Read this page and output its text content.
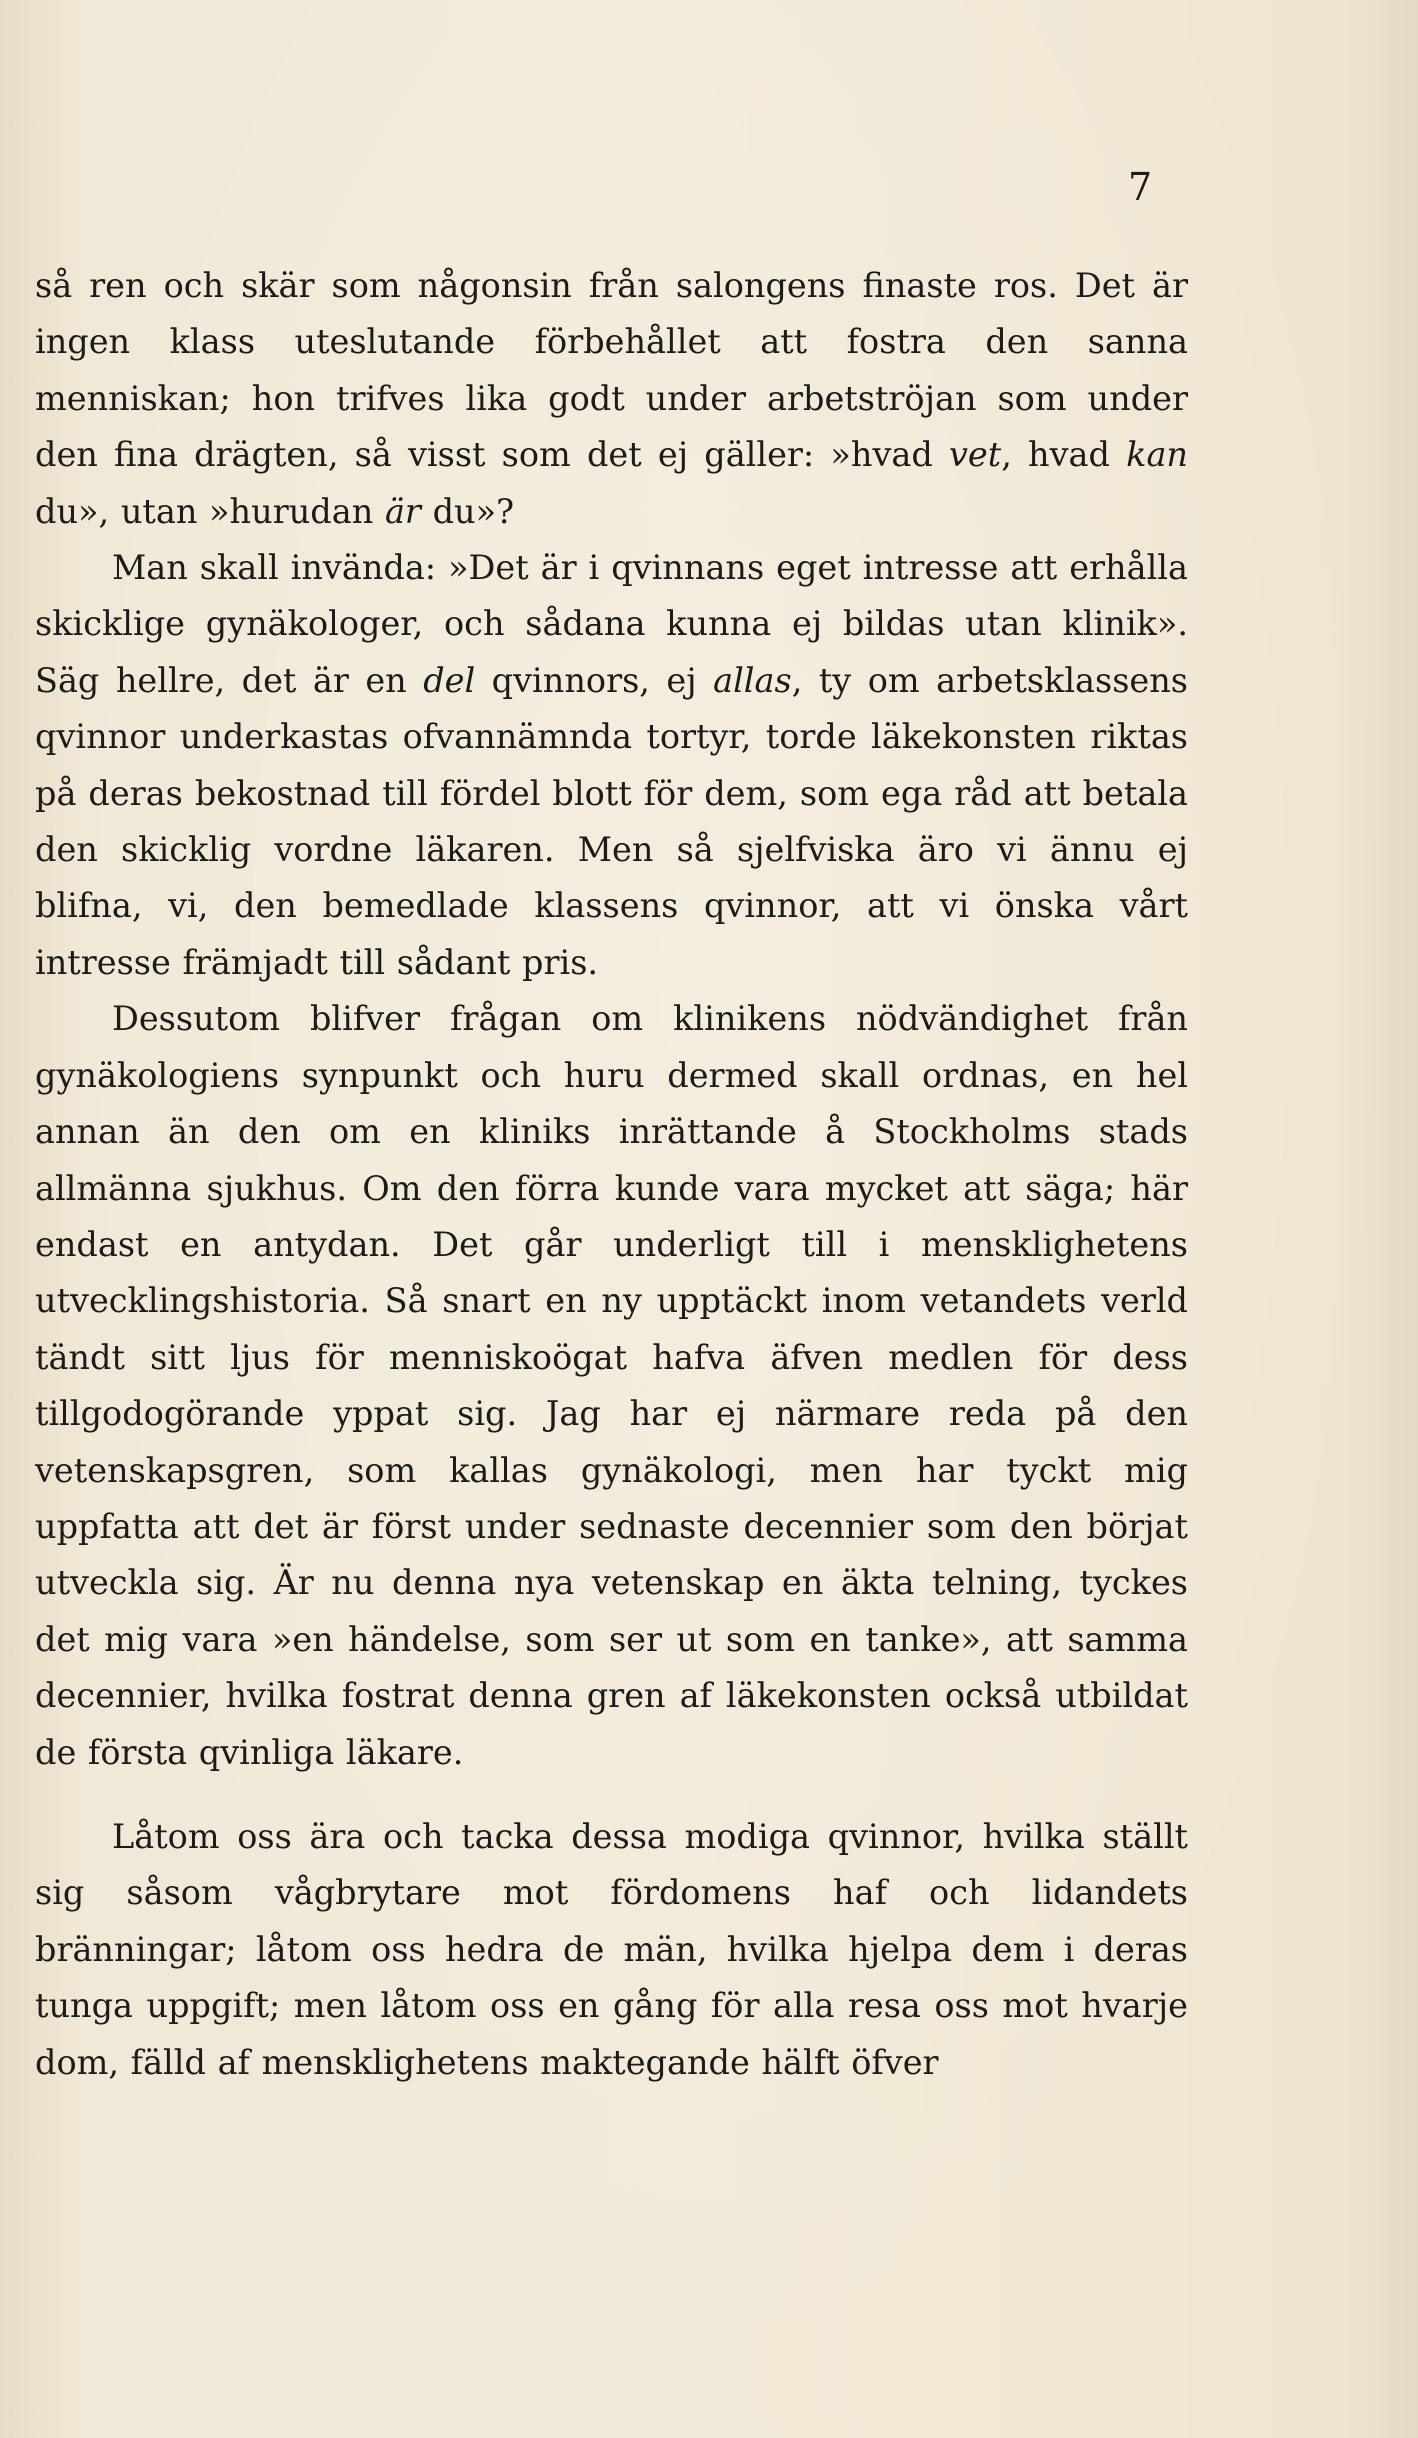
7

så ren och skär som någonsin från salongens finaste ros. Det är ingen klass uteslutande förbehållet att fostra den sanna menniskan; hon trifves lika godt under arbetströjan som under den fina drägten, så visst som det ej gäller: »hvad vet, hvad kan du», utan »hurudan är du»?

Man skall invända: »Det är i qvinnans eget intresse att erhålla skicklige gynäkologer, och sådana kunna ej bildas utan klinik». Säg hellre, det är en del qvinnors, ej allas, ty om arbetsklassens qvinnor underkastas ofvannämnda tortyr, torde läkekonsten riktas på deras bekostnad till fördel blott för dem, som ega råd att betala den skicklig vordne läkaren. Men så sjelfviska äro vi ännu ej blifna, vi, den bemedlade klassens qvinnor, att vi önska vårt intresse främjadt till sådant pris.

Dessutom blifver frågan om klinikens nödvändighet från gynäkologiens synpunkt och huru dermed skall ordnas, en hel annan än den om en kliniks inrättande å Stockholms stads allmänna sjukhus. Om den förra kunde vara mycket att säga; här endast en antydan. Det går underligt till i mensklighetens utvecklingshistoria. Så snart en ny upptäckt inom vetandets verld tändt sitt ljus för menniskoögat hafva äfven medlen för dess tillgodogörande yppat sig. Jag har ej närmare reda på den vetenskapsgren, som kallas gynäkologi, men har tyckt mig uppfatta att det är först under sednaste decennier som den börjat utveckla sig. Är nu denna nya vetenskap en äkta telning, tyckes det mig vara »en händelse, som ser ut som en tanke», att samma decennier, hvilka fostrat denna gren af läkekonsten också utbildat de första qvinliga läkare.

Låtom oss ära och tacka dessa modiga qvinnor, hvilka ställt sig såsom vågbrytare mot fördomens haf och lidandets bränningar; låtom oss hedra de män, hvilka hjelpa dem i deras tunga uppgift; men låtom oss en gång för alla resa oss mot hvarje dom, fälld af mensklighetens maktegande hälft öfver
